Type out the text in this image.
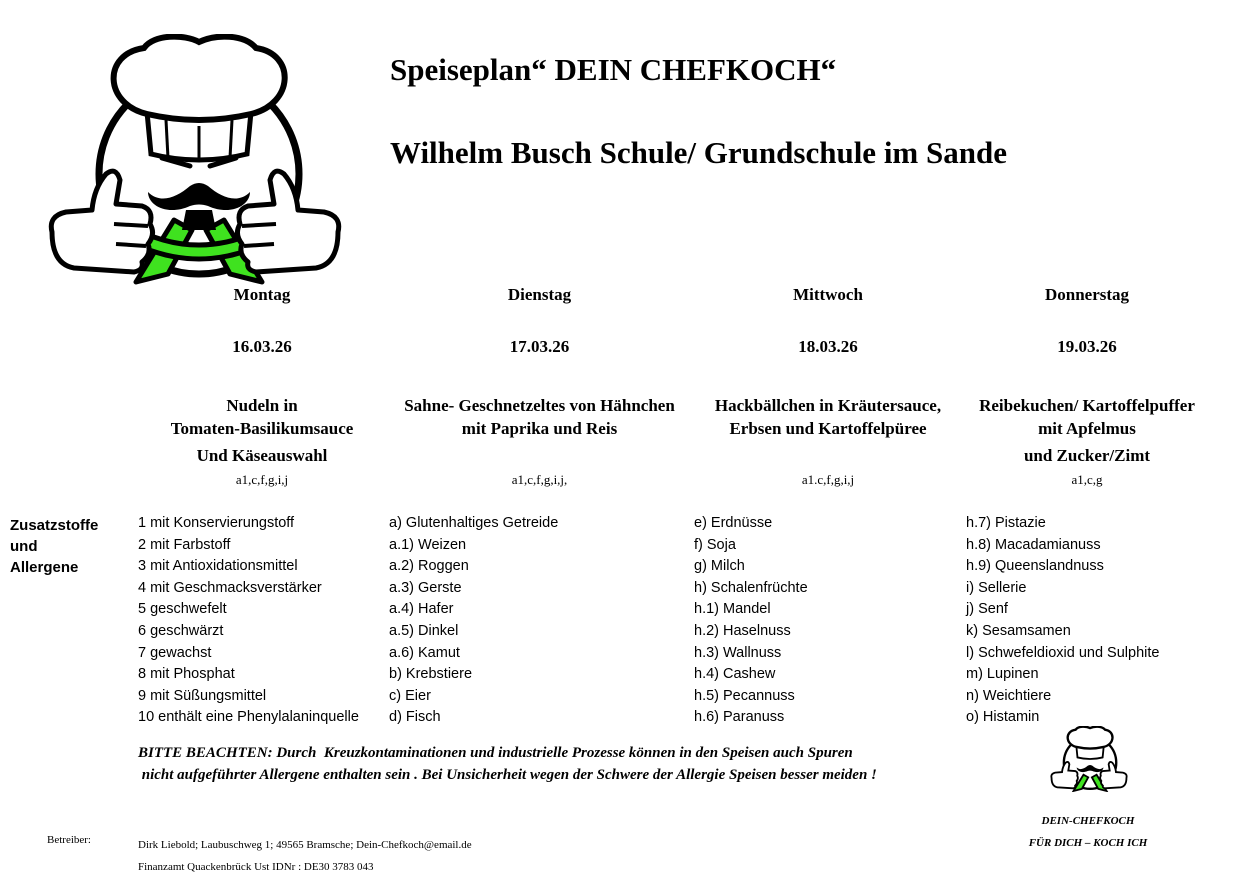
Speiseplan“ DEIN CHEFKOCH“
Wilhelm Busch Schule/ Grundschule im Sande
Montag
16.03.26
Nudeln in
Tomaten-Basilikumsauce
Und Käseauswahl
a1,c,f,g,i,j
Dienstag
17.03.26
Sahne- Geschnetzeltes von Hähnchen
mit Paprika und Reis
a1,c,f,g,i,j,
Mittwoch
18.03.26
Hackbällchen in Kräutersauce,
Erbsen und Kartoffelpüree
a1.c,f,g,i,j
Donnerstag
19.03.26
Reibekuchen/ Kartoffelpuffer
mit Apfelmus
und Zucker/Zimt
a1,c,g
Zusatzstoffe
und
Allergene
1 mit Konservierungstoff
2 mit Farbstoff
3 mit Antioxidationsmittel
4 mit Geschmacksverstärker
5 geschwefelt
6 geschwärzt
7 gewachst
8 mit Phosphat
9 mit Süßungsmittel
10 enthält eine Phenylalaninquelle
a) Glutenhaltiges Getreide
a.1) Weizen
a.2) Roggen
a.3) Gerste
a.4) Hafer
a.5) Dinkel
a.6) Kamut
b) Krebstiere
c) Eier
d) Fisch
e) Erdnüsse
f) Soja
g) Milch
h) Schalenfrüchte
h.1) Mandel
h.2) Haselnuss
h.3) Wallnuss
h.4) Cashew
h.5) Pecannuss
h.6) Paranuss
h.7) Pistazie
h.8) Macadamianuss
h.9) Queenslandnuss
i) Sellerie
j) Senf
k) Sesamsamen
l) Schwefeldioxid und Sulphite
m) Lupinen
n) Weichtiere
o) Histamin
BITTE BEACHTEN: Durch  Kreuzkontaminationen und industrielle Prozesse können in den Speisen auch Spuren
nicht aufgeführter Allergene enthalten sein . Bei Unsicherheit wegen der Schwere der Allergie Speisen besser meiden !
DEIN-CHEFKOCH
FÜR DICH – KOCH ICH
Betreiber:	Dirk Liebold; Laubuschweg 1; 49565 Bramsche; Dein-Chefkoch@email.de
Finanzamt Quackenbrück Ust IDNr : DE30 3783 043
